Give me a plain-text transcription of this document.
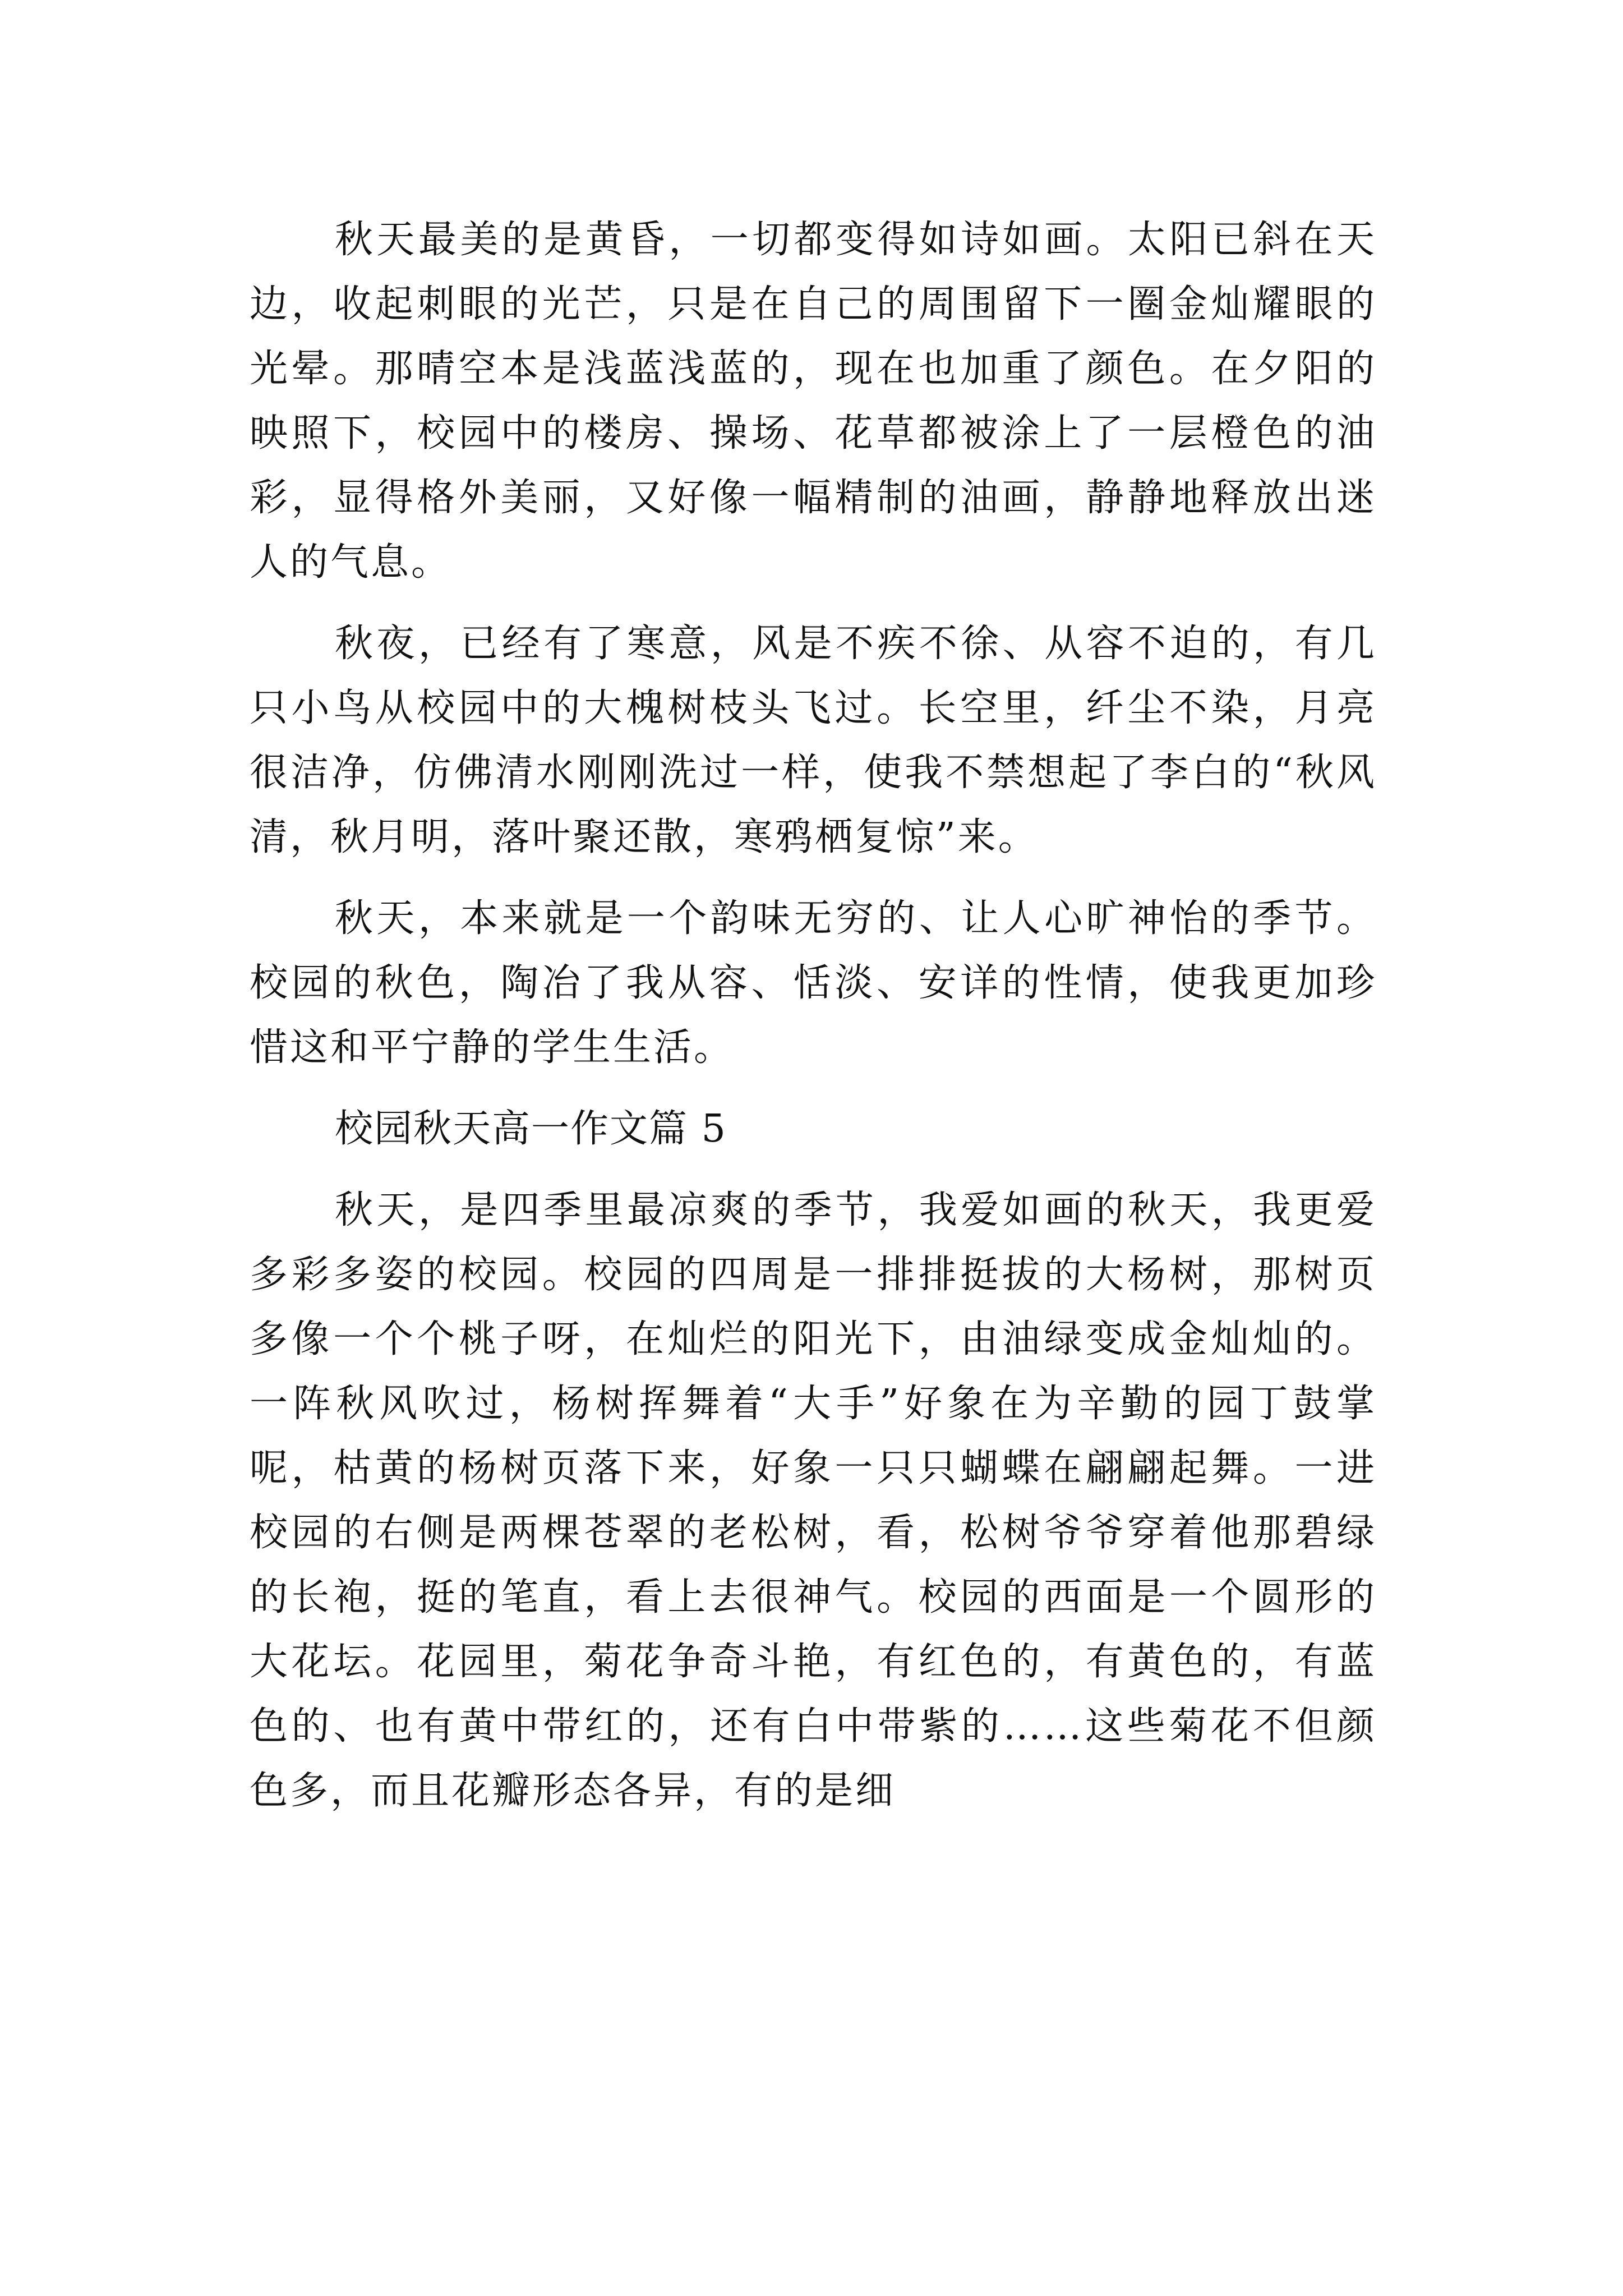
秋天最美的是黄昏，一切都变得如诗如画。太阳已斜在天边，收起刺眼的光芒，只是在自己的周围留下一圈金灿耀眼的光晕。那晴空本是浅蓝浅蓝的，现在也加重了颜色。在夕阳的映照下，校园中的楼房、操场、花草都被涂上了一层橙色的油彩，显得格外美丽，又好像一幅精制的油画，静静地释放出迷人的气息。

秋夜，已经有了寒意，风是不疾不徐、从容不迫的，有几只小鸟从校园中的大槐树枝头飞过。长空里，纤尘不染，月亮很洁净，仿佛清水刚刚洗过一样，使我不禁想起了李白的“秋风清，秋月明，落叶聚还散，寒鸦栖复惊”来。

秋天，本来就是一个韵味无穷的、让人心旷神怡的季节。校园的秋色，陶冶了我从容、恬淡、安详的性情，使我更加珍惜这和平宁静的学生生活。

校园秋天高一作文篇 5

秋天，是四季里最凉爽的季节，我爱如画的秋天，我更爱多彩多姿的校园。校园的四周是一排排挺拔的大杨树，那树页多像一个个桃子呀，在灿烂的阳光下，由油绿变成金灿灿的。一阵秋风吹过，杨树挥舞着“大手”好象在为辛勤的园丁鼓掌呢，枯黄的杨树页落下来，好象一只只蝴蝶在翩翩起舞。一进校园的右侧是两棵苍翠的老松树，看，松树爷爷穿着他那碧绿的长袍，挺的笔直，看上去很神气。校园的西面是一个圆形的大花坛。花园里，菊花争奇斗艳，有红色的，有黄色的，有蓝色的、也有黄中带红的，还有白中带紫的……这些菊花不但颜色多，而且花瓣形态各异，有的是细
